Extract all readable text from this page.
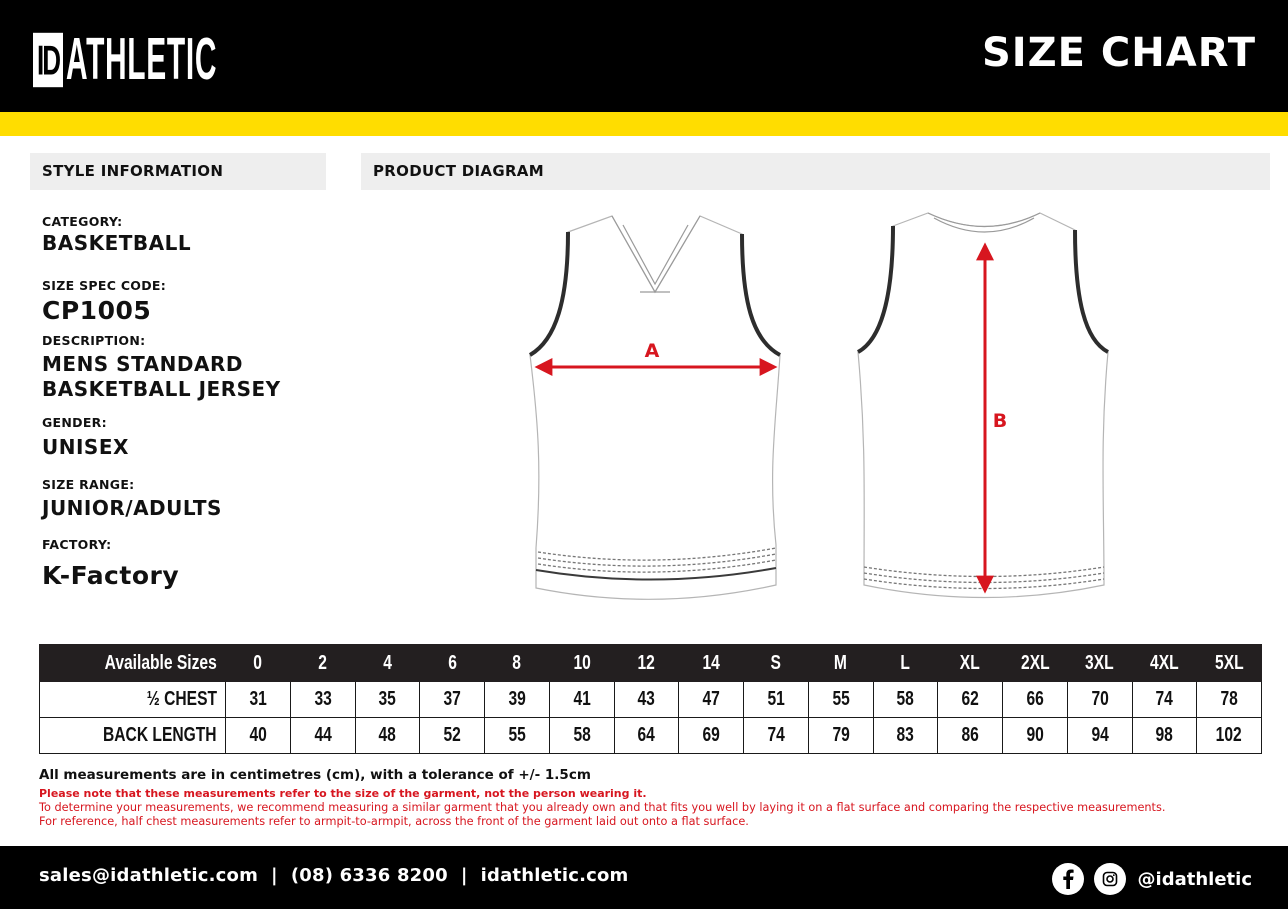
ID ATHLETIC	SIZE CHART
STYLE INFORMATION	PRODUCT DIAGRAM
CATEGORY:
BASKETBALL
SIZE SPEC CODE:
CP1005
DESCRIPTION:
MENS STANDARD
BASKETBALL JERSEY
GENDER:
UNISEX
SIZE RANGE:
JUNIOR/ADULTS
FACTORY:
K-Factory
A
B
Available Sizes	0	2	4	6	8	10	12	14	S	M	L	XL	2XL	3XL	4XL	5XL
½ CHEST	31	33	35	37	39	41	43	47	51	55	58	62	66	70	74	78
BACK LENGTH	40	44	48	52	55	58	64	69	74	79	83	86	90	94	98	102

All measurements are in centimetres (cm), with a tolerance of +/- 1.5cm

Please note that these measurements refer to the size of the garment, not the person wearing it.

To determine your measurements, we recommend measuring a similar garment that you already own and that fits you well by laying it on a flat surface and comparing the respective measurements.

For reference, half chest measurements refer to armpit-to-armpit, across the front of the garment laid out onto a flat surface.

sales@idathletic.com | (08) 6336 8200 | idathletic.com	@idathletic
